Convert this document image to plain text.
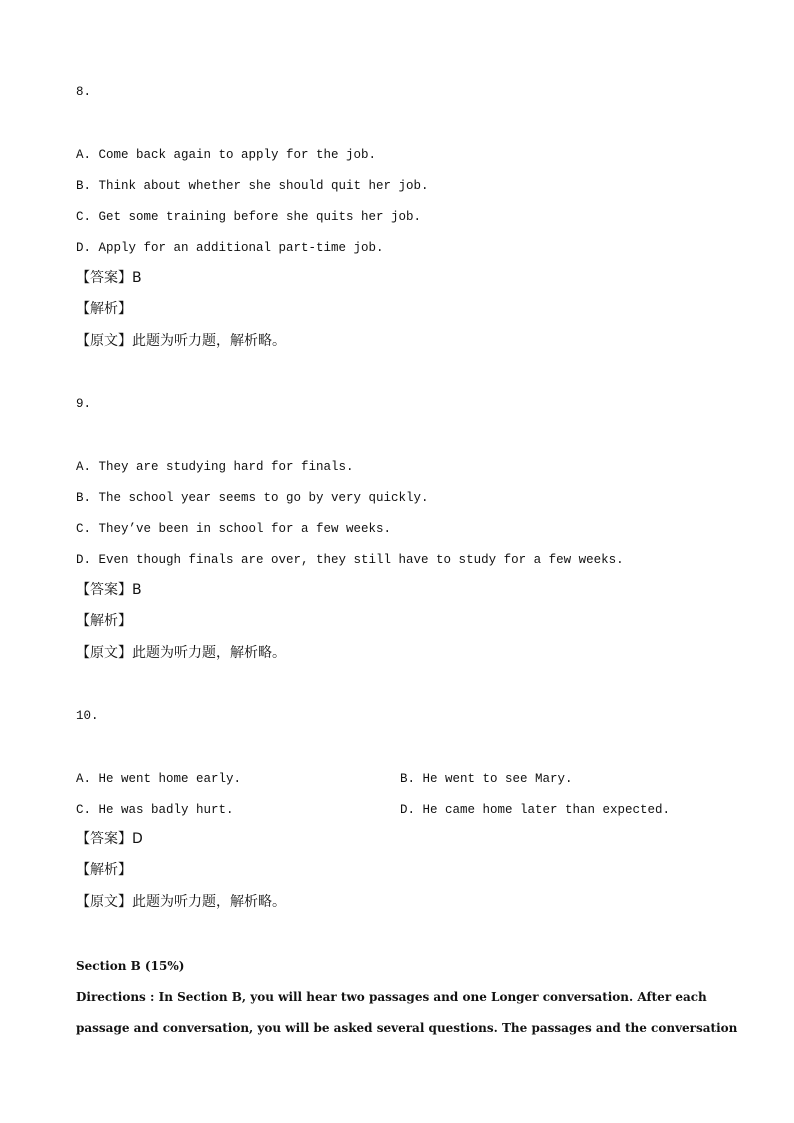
8.
A. Come back again to apply for the job.
B. Think about whether she should quit her job.
C. Get some training before she quits her job.
D. Apply for an additional part-time job.
【答案】B
【解析】
【原文】此题为听力题，解析略。
9.
A. They are studying hard for finals.
B. The school year seems to go by very quickly.
C. They’ve been in school for a few weeks.
D. Even though finals are over, they still have to study for a few weeks.
【答案】B
【解析】
【原文】此题为听力题，解析略。
10.
A. He went home early.	B. He went to see Mary.
C. He was badly hurt.	D. He came home later than expected.
【答案】D
【解析】
【原文】此题为听力题，解析略。
Section B (15%)
Directions : In Section B, you will hear two passages and one Longer conversation. After each
passage and conversation, you will be asked several questions. The passages and the conversation
